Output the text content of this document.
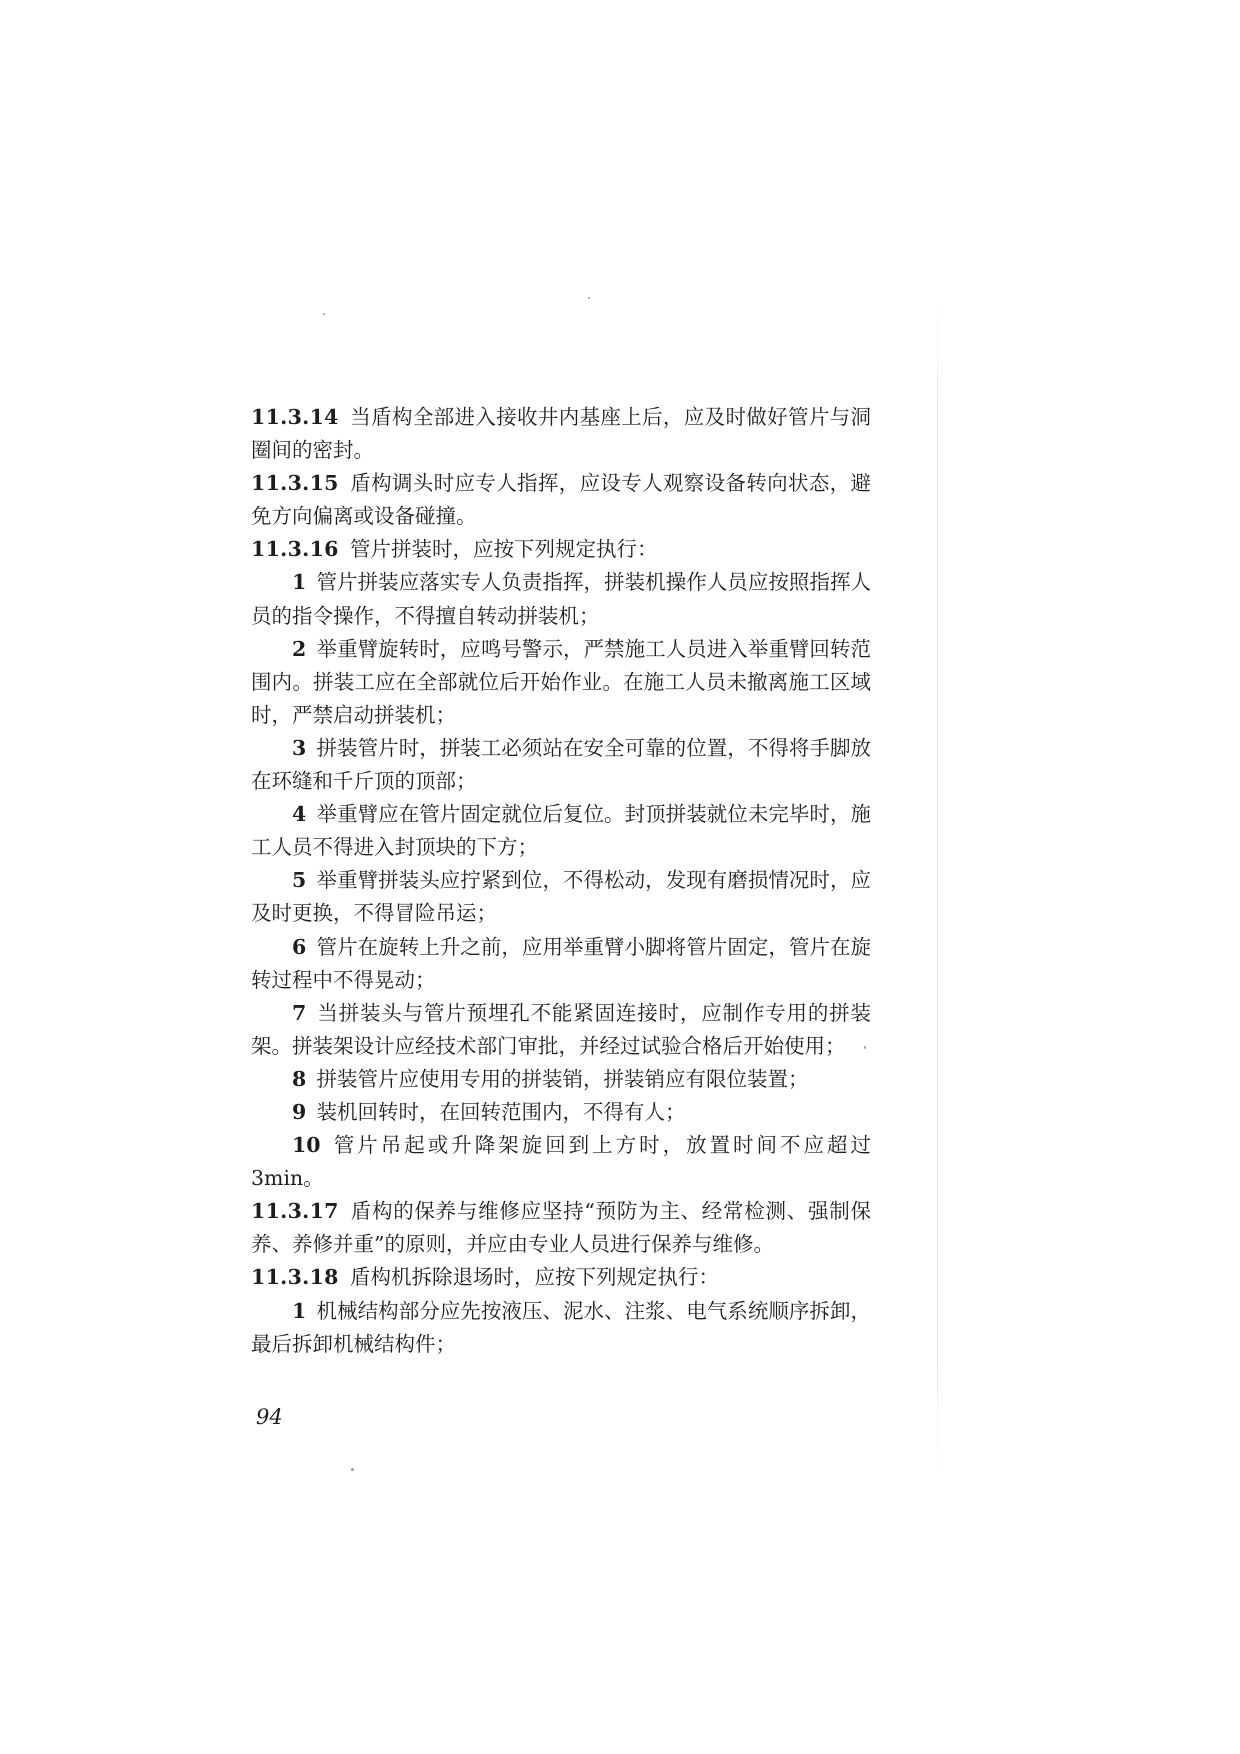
11.3.14 当盾构全部进入接收井内基座上后，应及时做好管片与洞圈间的密封。

11.3.15 盾构调头时应专人指挥，应设专人观察设备转向状态，避免方向偏离或设备碰撞。

11.3.16 管片拼装时，应按下列规定执行：

1 管片拼装应落实专人负责指挥，拼装机操作人员应按照指挥人员的指令操作，不得擅自转动拼装机；

2 举重臂旋转时，应鸣号警示，严禁施工人员进入举重臂回转范围内。拼装工应在全部就位后开始作业。在施工人员未撤离施工区域时，严禁启动拼装机；

3 拼装管片时，拼装工必须站在安全可靠的位置，不得将手脚放在环缝和千斤顶的顶部；

4 举重臂应在管片固定就位后复位。封顶拼装就位未完毕时，施工人员不得进入封顶块的下方；

5 举重臂拼装头应拧紧到位，不得松动，发现有磨损情况时，应及时更换，不得冒险吊运；

6 管片在旋转上升之前，应用举重臂小脚将管片固定，管片在旋转过程中不得晃动；

7 当拼装头与管片预埋孔不能紧固连接时，应制作专用的拼装架。拼装架设计应经技术部门审批，并经过试验合格后开始使用；

8 拼装管片应使用专用的拼装销，拼装销应有限位装置；

9 装机回转时，在回转范围内，不得有人；

10 管片吊起或升降架旋回到上方时，放置时间不应超过3min。

11.3.17 盾构的保养与维修应坚持“预防为主、经常检测、强制保养、养修并重”的原则，并应由专业人员进行保养与维修。

11.3.18 盾构机拆除退场时，应按下列规定执行：

1 机械结构部分应先按液压、泥水、注浆、电气系统顺序拆卸，最后拆卸机械结构件；

94
